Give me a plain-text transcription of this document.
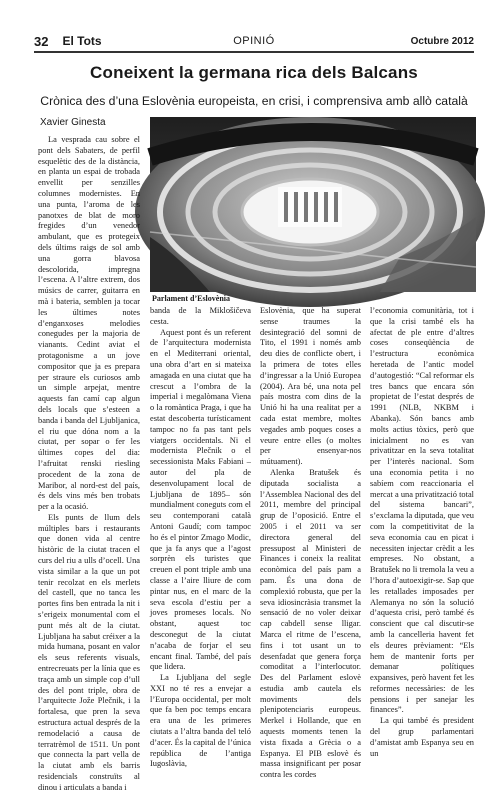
32 El Tots	OPINIÓ	Octubre 2012
Coneixent la germana rica dels Balcans
Crònica des d’una Eslovènia europeista, en crisi, i comprensiva amb allò català
Xavier Ginesta
Parlament d’Eslovènia

La vesprada cau sobre el pont dels Sabaters, de perfil esquelètic des de la distància, en planta un espai de trobada envellit per senzilles columnes modernistes. En una punta, l’aroma de les panotxes de blat de moro fregides d’un venedor ambulant, que es protegeix dels últims raigs de sol amb una gorra blavosa descolorida, impregna l’escena. A l’altre extrem, dos músics de carrer, guitarra en mà i bateria, semblen ja tocar les últimes notes d’enganxoses melodies conegudes per la majoria de vianants. Cedint aviat el protagonisme a un jove compositor que ja es prepara per straure els curiosos amb un simple arpejat, mentre aquests fan camí cap algun dels locals que s’esteen a banda i banda del Ljubljanica, el riu que dóna nom a la ciutat, per sopar o fer les últimes copes del dia: l’afruitat renski riesling procedent de la zona de Maribor, al nord-est del país, és dels vins més ben trobats per a la ocasió.

Els punts de llum dels múltiples bars i restaurants que donen vida al centre històric de la ciutat tracen el curs del riu a ulls d’ocell. Una vista similar a la que un pot tenir recolzat en els merlets del castell, que no tanca les portes fins ben entrada la nit i s’erigeix monumental com el punt més alt de la ciutat. Ljubljana ha sabut créixer a la mida humana, posant en valor els seus referents visuals, entrecreuats per la línia que es traça amb un simple cop d’ull des del pont triple, obra de l’arquitecte Jože Plečnik, i la fortalesa, que pren la seva estructura actual després de la remodelació a causa de terratrèmol de 1511. Un pont que connecta la part vella de la ciutat amb els barris residencials construïts al dinou i articulats a banda i

banda de la Miklošičeva cesta.

Aquest pont és un referent de l’arquitectura modernista en el Mediterrani oriental, una obra d’art en si mateixa amagada en una ciutat que ha crescut a l’ombra de la imperial i megalòmana Viena o la romàntica Praga, i que ha estat descoberta turísticament tampoc no fa pas tant pels viatgers occidentals. Ni el modernista Plečnik o el secessionista Maks Fabiani –autor del pla de desenvolupament local de Ljubljana de 1895– són mundialment coneguts com el seu contemporani català Antoni Gaudí; com tampoc ho és el pintor Zmago Modic, que ja fa anys que a l’agost sorprèn els turistes que creuen el pont triple amb una classe a l’aire lliure de com pintar nus, en el marc de la seva escola d’estiu per a joves promeses locals. No obstant, aquest toc desconegut de la ciutat n’acaba de forjar el seu encant final. També, del país que lidera.

La Ljubljana del segle XXI no té res a envejar a l’Europa occidental, per molt que fa ben poc temps encara era una de les primeres ciutats a l’altra banda del teló d’acer. És la capital de l’única república de l’antiga Iugoslàvia,

Eslovènia, que ha superat sense traumes la desintegració del somni de Tito, el 1991 i només amb deu dies de conflicte obert, i la primera de totes elles d’ingressar a la Unió Europea (2004). Ara bé, una nota pel país mostra com dins de la Unió hi ha una realitat per a cada estat membre, moltes vegades amb poques coses a veure entre elles (o moltes per ensenyar-nos mútuament).

Alenka Bratušek és diputada socialista a l’Assemblea Nacional des del 2011, membre del principal grup de l’oposició. Entre el 2005 i el 2011 va ser directora general del pressupost al Ministeri de Finances i coneix la realitat econòmica del país pam a pam. És una dona de complexió robusta, que per la seva idiosincràsia transmet la sensació de no voler deixar cap cabdell sense lligar. Marca el ritme de l’escena, fins i tot usant un to desenfadat que genera força comoditat a l’interlocutor. Des del Parlament eslovè estudia amb cautela els moviments dels plenipotenciaris europeus. Merkel i Hollande, que en aquests moments tenen la vista fixada a Grècia o a Espanya. El PIB eslovè és massa insignificant per posar contra les cordes

l’economia comunitària, tot i que la crisi també els ha afectat de ple entre d’altres coses conseqüència de l’estructura econòmica heretada de l’antic model d’autogestió: “Cal reformar els tres bancs que encara són propietat de l’estat després de 1991 (NLB, NKBM i Abanka). Són bancs amb molts actius tòxics, però que inicialment no es van privatitzar en la seva totalitat per l’interès nacional. Som una economia petita i no sabíem com reaccionaria el mercat a una privatització total del sistema bancari”, s’exclama la diputada, que veu com la competitivitat de la seva economia cau en picat i necessiten injectar crèdit a les empreses. No obstant, a Bratušek no li tremola la veu a l’hora d’autoexigir-se. Sap que les retallades imposades per Alemanya no són la solució d’aquesta crisi, però també és conscient que cal discutir-se amb la cancelleria havent fet els deures prèviament: “Els hem de mantenir forts per demanar polítiques expansives, però havent fet les reformes necessàries: de les pensions i per sanejar les finances”.

La qui també és president del grup parlamentari d’amistat amb Espanya seu en un
